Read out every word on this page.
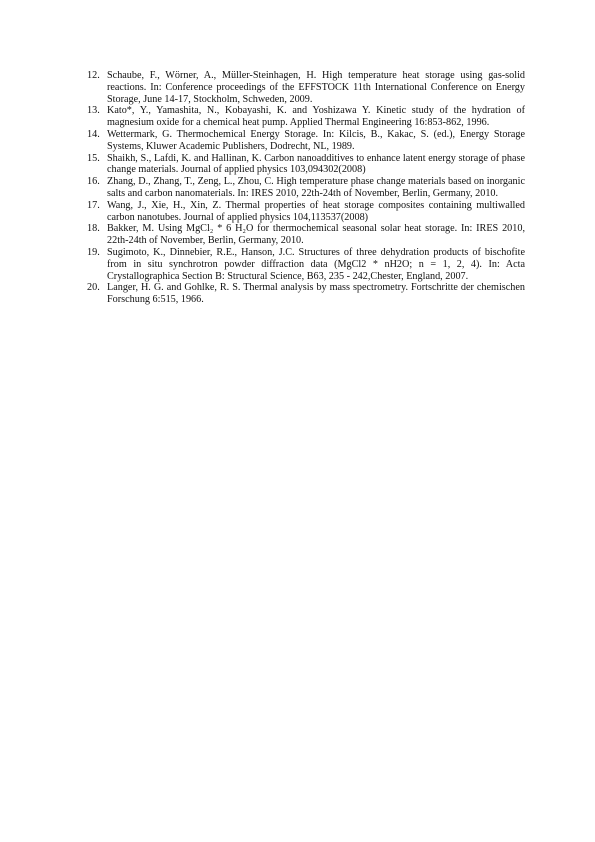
12. Schaube, F., Wörner, A., Müller-Steinhagen, H. High temperature heat storage using gas-solid reactions. In: Conference proceedings of the EFFSTOCK 11th International Conference on Energy Storage, June 14-17, Stockholm, Schweden, 2009.
13. Kato*, Y., Yamashita, N., Kobayashi, K. and Yoshizawa Y. Kinetic study of the hydration of magnesium oxide for a chemical heat pump. Applied Thermal Engineering 16:853-862, 1996.
14. Wettermark, G. Thermochemical Energy Storage. In: Kilcis, B., Kakac, S. (ed.), Energy Storage Systems, Kluwer Academic Publishers, Dodrecht, NL, 1989.
15. Shaikh, S., Lafdi, K. and Hallinan, K. Carbon nanoadditives to enhance latent energy storage of phase change materials. Journal of applied physics 103,094302(2008)
16. Zhang, D., Zhang, T., Zeng, L., Zhou, C. High temperature phase change materials based on inorganic salts and carbon nanomaterials. In: IRES 2010, 22th-24th of November, Berlin, Germany, 2010.
17. Wang, J., Xie, H., Xin, Z. Thermal properties of heat storage composites containing multiwalled carbon nanotubes. Journal of applied physics 104,113537(2008)
18. Bakker, M. Using MgCl₂ * 6 H₂O for thermochemical seasonal solar heat storage. In: IRES 2010, 22th-24th of November, Berlin, Germany, 2010.
19. Sugimoto, K., Dinnebier, R.E., Hanson, J.C. Structures of three dehydration products of bischofite from in situ synchrotron powder diffraction data (MgCl2 * nH2O; n = 1, 2, 4). In: Acta Crystallographica Section B: Structural Science, B63, 235 - 242,Chester, England, 2007.
20. Langer, H. G. and Gohlke, R. S. Thermal analysis by mass spectrometry. Fortschritte der chemischen Forschung 6:515, 1966.
